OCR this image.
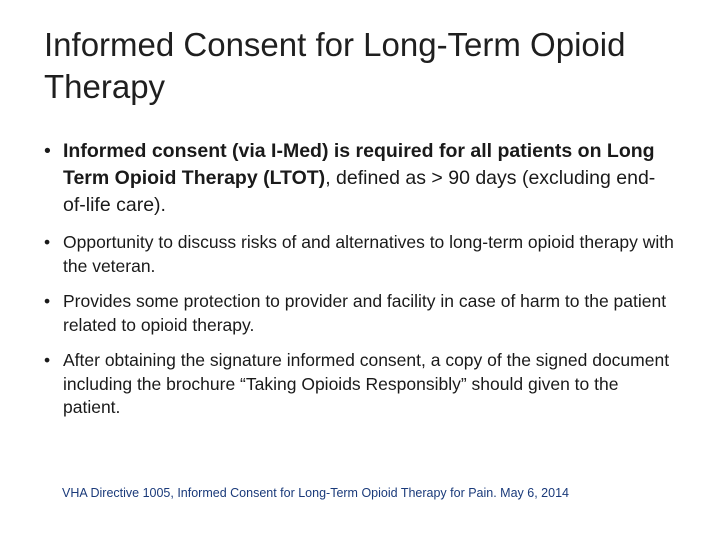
Informed Consent for Long-Term Opioid Therapy
• Informed consent (via I-Med) is required for all patients on Long Term Opioid Therapy (LTOT), defined as > 90 days (excluding end-of-life care).
• Opportunity to discuss risks of and alternatives to long-term opioid therapy with the veteran.
• Provides some protection to provider and facility in case of harm to the patient related to opioid therapy.
• After obtaining the signature informed consent, a copy of the signed document including the brochure “Taking Opioids Responsibly” should given to the patient.

VHA Directive 1005, Informed Consent for Long-Term Opioid Therapy for Pain. May 6, 2014
